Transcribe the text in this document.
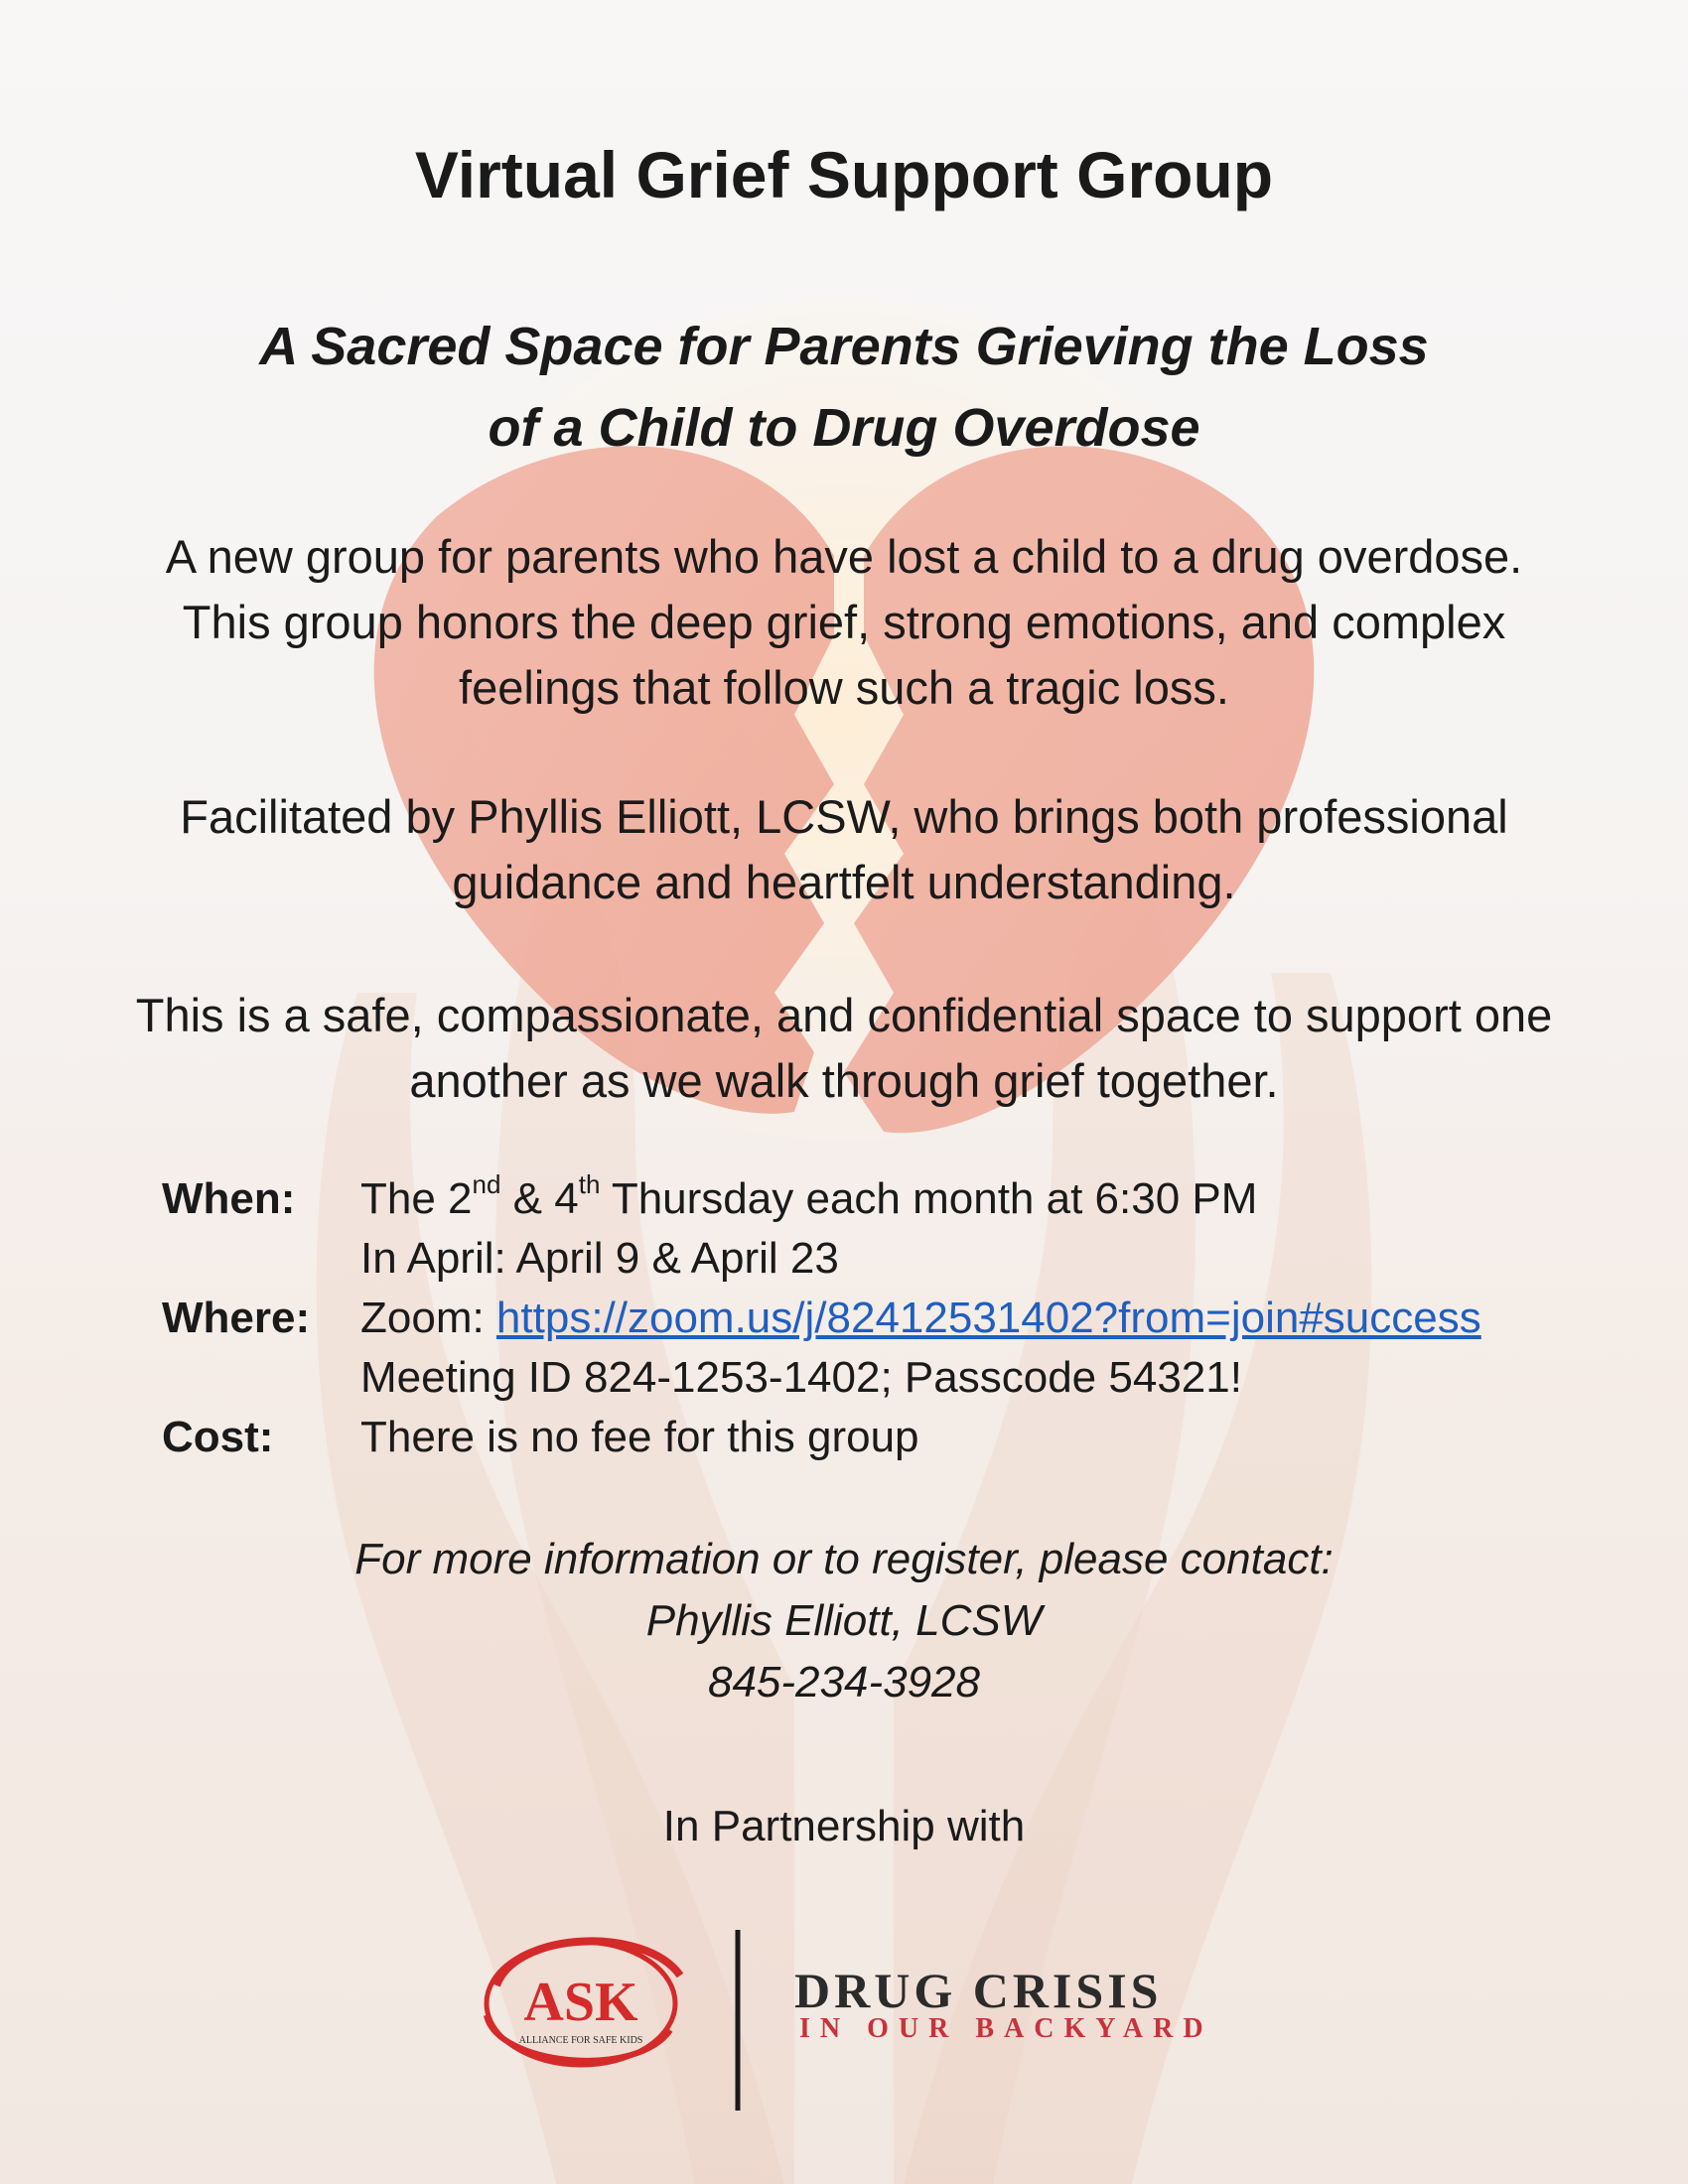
Virtual Grief Support Group
A Sacred Space for Parents Grieving the Loss
of a Child to Drug Overdose
A new group for parents who have lost a child to a drug overdose.
This group honors the deep grief, strong emotions, and complex
feelings that follow such a tragic loss.
Facilitated by Phyllis Elliott, LCSW, who brings both professional
guidance and heartfelt understanding.
This is a safe, compassionate, and confidential space to support one
another as we walk through grief together.
When: The 2nd & 4th Thursday each month at 6:30 PM
In April: April 9 & April 23
Where: Zoom: https://zoom.us/j/82412531402?from=join#success
Meeting ID 824-1253-1402; Passcode 54321!
Cost: There is no fee for this group
For more information or to register, please contact:
Phyllis Elliott, LCSW
845-234-3928
In Partnership with
ASK
ALLIANCE FOR SAFE KIDS
DRUG CRISIS
IN OUR BACKYARD
